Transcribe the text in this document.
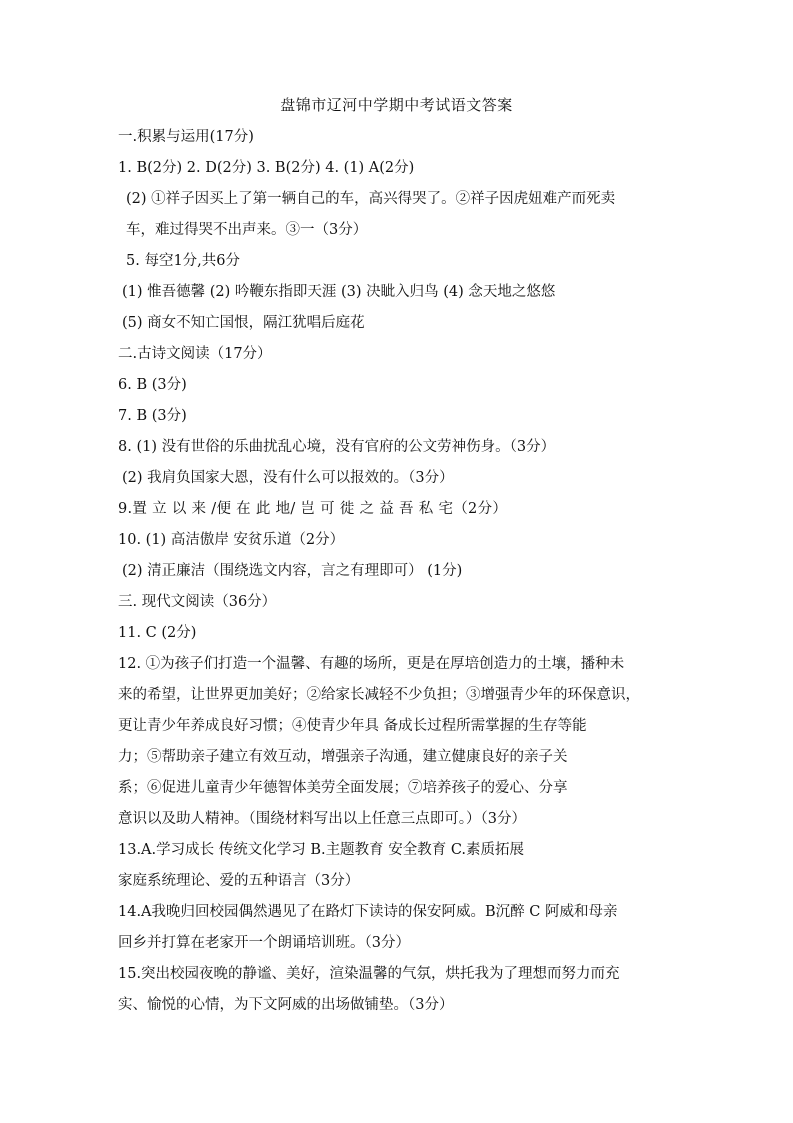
盘锦市辽河中学期中考试语文答案
一.积累与运用(17分)
1. B(2分) 2. D(2分) 3. B(2分) 4. (1) A(2分)
(2) ①祥子因买上了第一辆自己的车，高兴得哭了。②祥子因虎妞难产而死卖
车，难过得哭不出声来。③一（3分）
5. 每空1分,共6分
(1) 惟吾德馨 (2) 吟鞭东指即天涯 (3) 决眦入归鸟 (4) 念天地之悠悠
(5) 商女不知亡国恨，隔江犹唱后庭花
二.古诗文阅读（17分）
6. B (3分)
7. B (3分)
8. (1) 没有世俗的乐曲扰乱心境，没有官府的公文劳神伤身。（3分）
(2) 我肩负国家大恩，没有什么可以报效的。（3分）
9.置 立 以 来 /便 在 此 地/ 岂 可 徙 之 益 吾 私 宅（2分）
10. (1) 高洁傲岸 安贫乐道（2分）
(2) 清正廉洁（围绕选文内容，言之有理即可） (1分)
三. 现代文阅读（36分）
11. C (2分)
12. ①为孩子们打造一个温馨、有趣的场所，更是在厚培创造力的土壤，播种未
来的希望，让世界更加美好；②给家长减轻不少负担；③增强青少年的环保意识，
更让青少年养成良好习惯；④使青少年具 备成长过程所需掌握的生存等能
力；⑤帮助亲子建立有效互动，增强亲子沟通，建立健康良好的亲子关
系；⑥促进儿童青少年德智体美劳全面发展；⑦培养孩子的爱心、分享
意识以及助人精神。（围绕材料写出以上任意三点即可。）（3分）
13.A.学习成长 传统文化学习 B.主题教育 安全教育 C.素质拓展
家庭系统理论、爱的五种语言（3分）
14.A我晚归回校园偶然遇见了在路灯下读诗的保安阿威。B沉醉 C 阿威和母亲
回乡并打算在老家开一个朗诵培训班。（3分）
15.突出校园夜晚的静谧、美好，渲染温馨的气氛，烘托我为了理想而努力而充
实、愉悦的心情，为下文阿威的出场做铺垫。（3分）
